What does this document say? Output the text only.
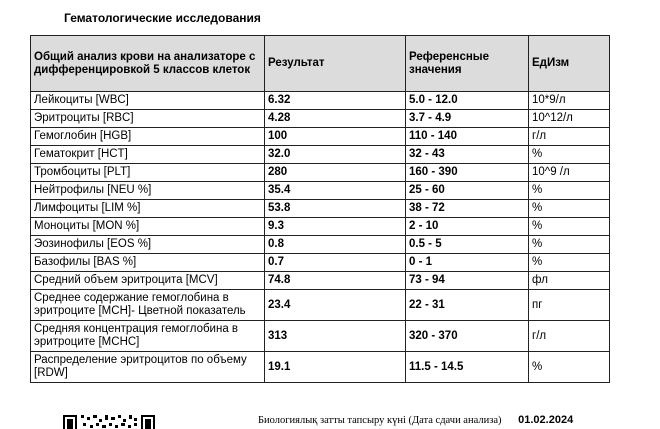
Гематологические исследования
Общий анализ крови на анализаторе с дифференцировкой 5 классов клеток	Результат	Референсные значения	ЕдИзм
Лейкоциты [WBC]	6.32	5.0 - 12.0	10*9/л
Эритроциты [RBC]	4.28	3.7 - 4.9	10^12/л
Гемоглобин [HGB]	100	110 - 140	г/л
Гематокрит [HCT]	32.0	32 - 43	%
Тромбоциты [PLT]	280	160 - 390	10^9 /л
Нейтрофилы [NEU %]	35.4	25 - 60	%
Лимфоциты [LIM %]	53.8	38 - 72	%
Моноциты [MON %]	9.3	2 - 10	%
Эозинофилы [EOS %]	0.8	0.5 - 5	%
Базофилы [BAS %]	0.7	0 - 1	%
Средний объем эритроцита [MCV]	74.8	73 - 94	фл
Среднее содержание гемоглобина в эритроците [MCH]- Цветной показатель	23.4	22 - 31	пг
Средняя концентрация гемоглобина в эритроците [MCHC]	313	320 - 370	г/л
Распределение эритроцитов по объему [RDW]	19.1	11.5 - 14.5	%
Биологиялық затты тапсыру күні (Дата сдачи анализа) 01.02.2024
